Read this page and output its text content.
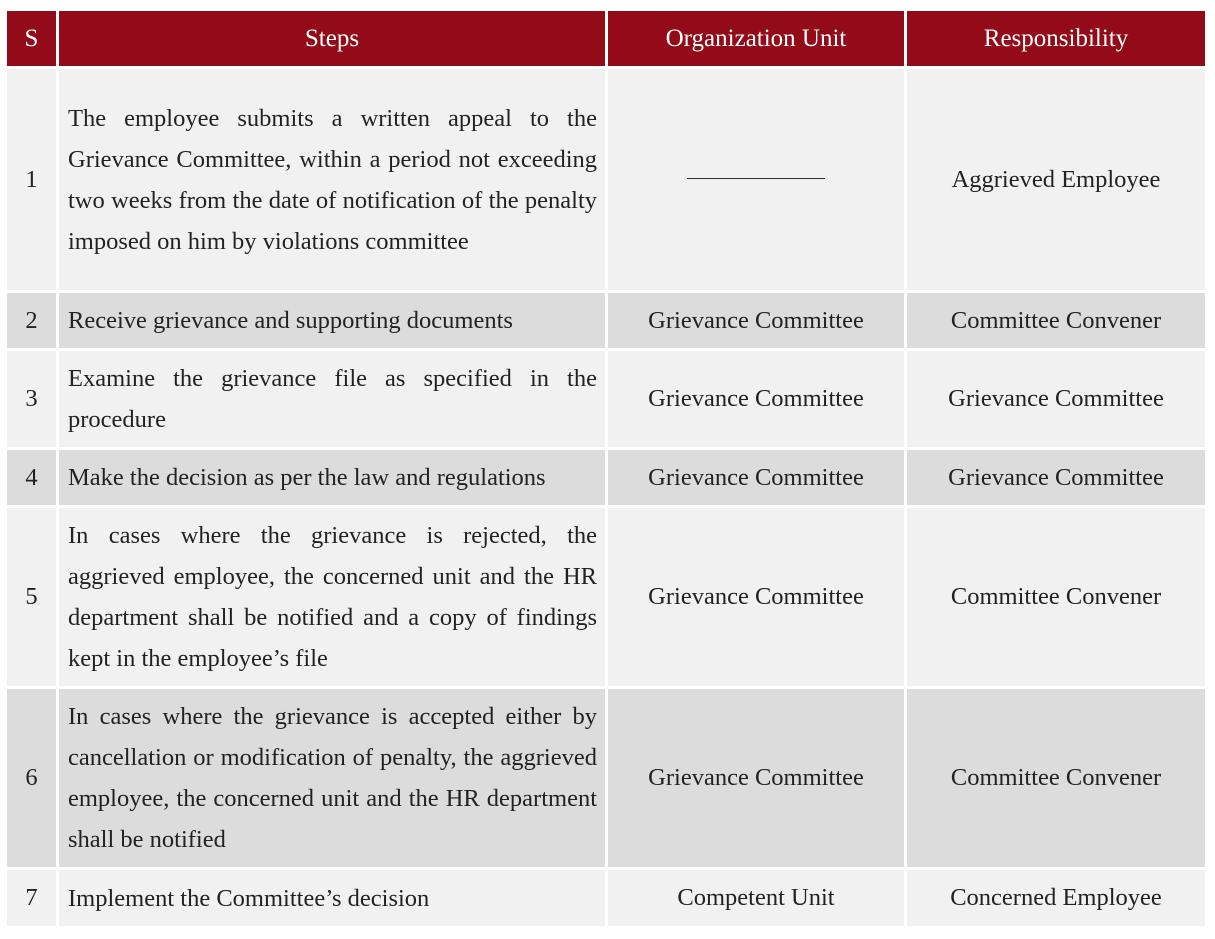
S	Steps	Organization Unit	Responsibility
1	The employee submits a written appeal to the Grievance Committee, within a period not exceeding two weeks from the date of notification of the penalty imposed on him by violations committee		Aggrieved Employee
2	Receive grievance and supporting documents	Grievance Committee	Committee Convener
3	Examine the grievance file as specified in the procedure	Grievance Committee	Grievance Committee
4	Make the decision as per the law and regulations	Grievance Committee	Grievance Committee
5	In cases where the grievance is rejected, the aggrieved employee, the concerned unit and the HR department shall be notified and a copy of findings kept in the employee’s file	Grievance Committee	Committee Convener
6	In cases where the grievance is accepted either by cancellation or modification of penalty, the aggrieved employee, the concerned unit and the HR department shall be notified	Grievance Committee	Committee Convener
7	Implement the Committee’s decision	Competent Unit	Concerned Employee
